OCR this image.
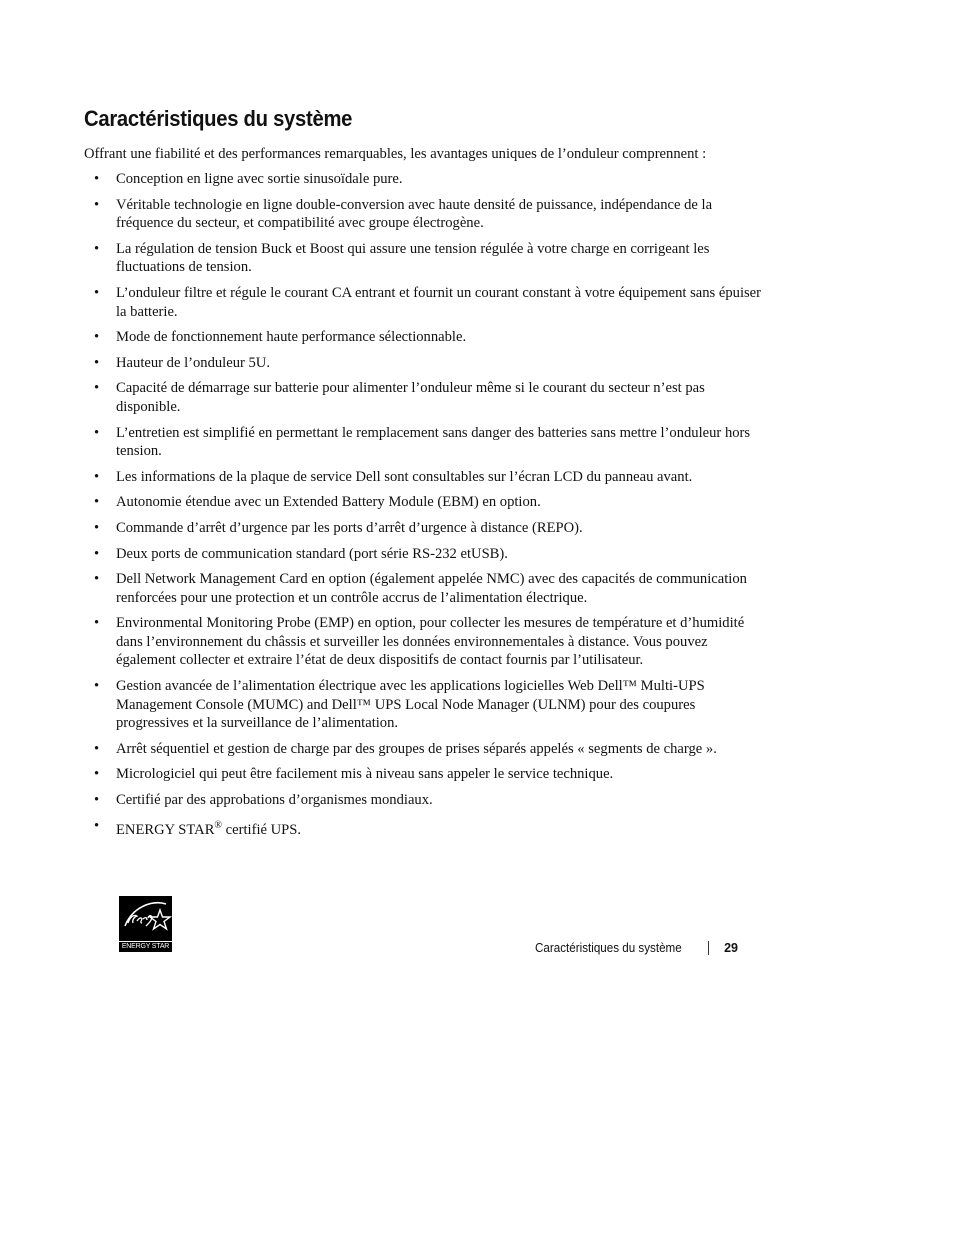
Caractéristiques du système

Offrant une fiabilité et des performances remarquables, les avantages uniques de l’onduleur comprennent :

• Conception en ligne avec sortie sinusoïdale pure.
• Véritable technologie en ligne double-conversion avec haute densité de puissance, indépendance de la fréquence du secteur, et compatibilité avec groupe électrogène.
• La régulation de tension Buck et Boost qui assure une tension régulée à votre charge en corrigeant les fluctuations de tension.
• L’onduleur filtre et régule le courant CA entrant et fournit un courant constant à votre équipement sans épuiser la batterie.
• Mode de fonctionnement haute performance sélectionnable.
• Hauteur de l’onduleur 5U.
• Capacité de démarrage sur batterie pour alimenter l’onduleur même si le courant du secteur n’est pas disponible.
• L’entretien est simplifié en permettant le remplacement sans danger des batteries sans mettre l’onduleur hors tension.
• Les informations de la plaque de service Dell sont consultables sur l’écran LCD du panneau avant.
• Autonomie étendue avec un Extended Battery Module (EBM) en option.
• Commande d’arrêt d’urgence par les ports d’arrêt d’urgence à distance (REPO).
• Deux ports de communication standard (port série RS-232 etUSB).
• Dell Network Management Card en option (également appelée NMC) avec des capacités de communication renforcées pour une protection et un contrôle accrus de l’alimentation électrique.
• Environmental Monitoring Probe (EMP) en option, pour collecter les mesures de température et d’humidité dans l’environnement du châssis et surveiller les données environnementales à distance. Vous pouvez également collecter et extraire l’état de deux dispositifs de contact fournis par l’utilisateur.
• Gestion avancée de l’alimentation électrique avec les applications logicielles Web Dell™ Multi-UPS Management Console (MUMC) and Dell™ UPS Local Node Manager (ULNM) pour des coupures progressives et la surveillance de l’alimentation.
• Arrêt séquentiel et gestion de charge par des groupes de prises séparés appelés « segments de charge ».
• Micrologiciel qui peut être facilement mis à niveau sans appeler le service technique.
• Certifié par des approbations d’organismes mondiaux.
• ENERGY STAR® certifié UPS.
ENERGY STAR	Caractéristiques du système	29
